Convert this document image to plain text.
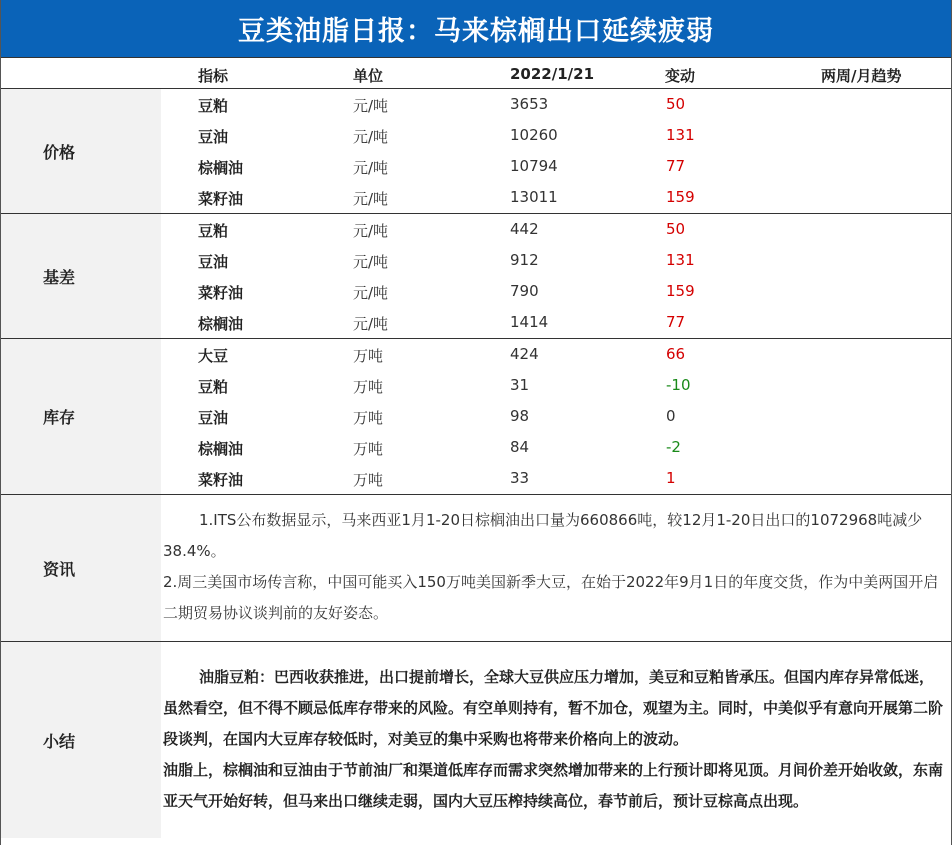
豆类油脂日报：马来棕榈出口延续疲弱
指标	单位	2022/1/21	变动	两周/月趋势
价格
豆粕	元/吨	3653	50
豆油	元/吨	10260	131
棕榈油	元/吨	10794	77
菜籽油	元/吨	13011	159
基差
豆粕	元/吨	442	50
豆油	元/吨	912	131
菜籽油	元/吨	790	159
棕榈油	元/吨	1414	77
库存
大豆	万吨	424	66
豆粕	万吨	31	-10
豆油	万吨	98	0
棕榈油	万吨	84	-2
菜籽油	万吨	33	1
资讯

1.ITS公布数据显示，马来西亚1月1-20日棕榈油出口量为660866吨，较12月1-20日出口的1072968吨减少38.4%。

2.周三美国市场传言称，中国可能买入150万吨美国新季大豆，在始于2022年9月1日的年度交货，作为中美两国开启二期贸易协议谈判前的友好姿态。

小结

油脂豆粕：巴西收获推进，出口提前增长，全球大豆供应压力增加，美豆和豆粕皆承压。但国内库存异常低迷，虽然看空，但不得不顾忌低库存带来的风险。有空单则持有，暂不加仓，观望为主。同时，中美似乎有意向开展第二阶段谈判，在国内大豆库存较低时，对美豆的集中采购也将带来价格向上的波动。

油脂上，棕榈油和豆油由于节前油厂和渠道低库存而需求突然增加带来的上行预计即将见顶。月间价差开始收敛，东南亚天气开始好转，但马来出口继续走弱，国内大豆压榨持续高位，春节前后，预计豆棕高点出现。
